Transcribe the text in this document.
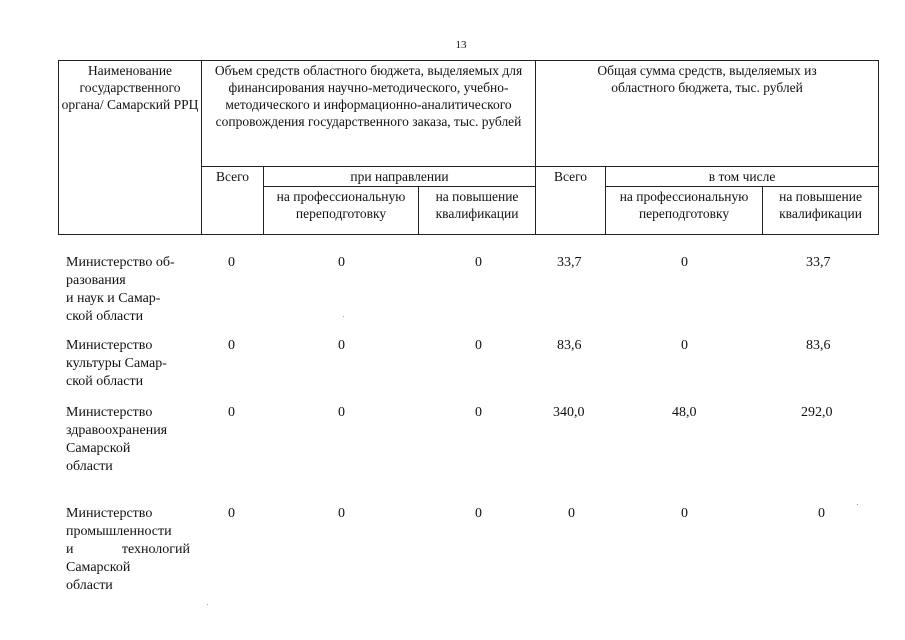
13
Наименование государственного органа/ Самарский РРЦ	Объем средств областного бюджета, выделяемых для финансирования научно-методического, учебно-методического и информационно-аналитического сопровождения государственного заказа, тыс. рублей			Общая сумма средств, выделяемых из областного бюджета, тыс. рублей		
	Всего	при направлении		Всего	в том числе	
		на профессиональную переподготовку	на повышение квалификации		на профессиональную переподготовку	на повышение квалификации
Министерство об-
разования
и наук и Самар-
ской области
0	0	0	33,7	0	33,7
Министерство
культуры Самар-
ской области
0	0	0	83,6	0	83,6
Министерство
здравоохранения
Самарской
области
0	0	0	340,0	48,0	292,0
Министерство
промышленности
и технологий
Самарской
области
0	0	0	0	0	0
